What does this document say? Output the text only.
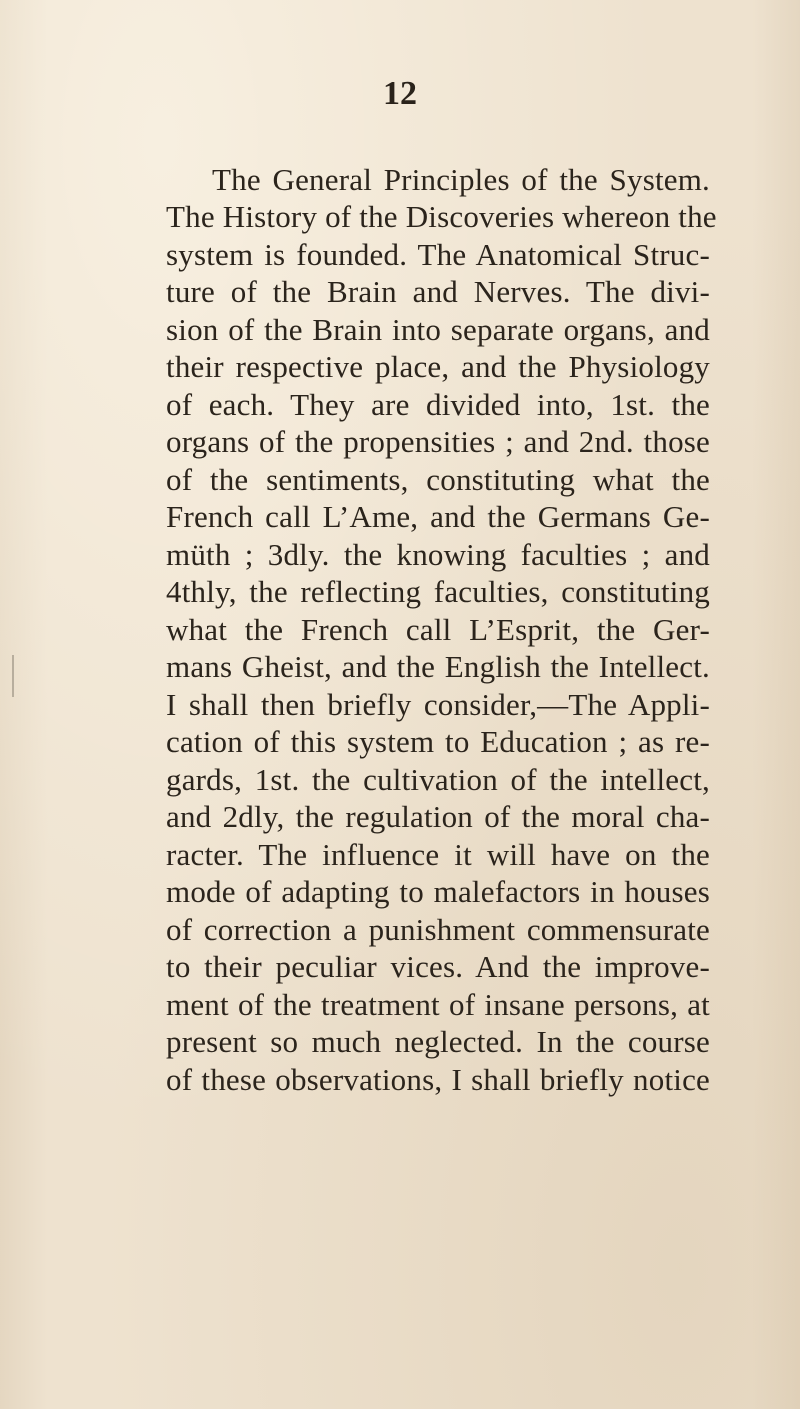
12
The General Principles of the System.
The History of the Discoveries whereon the
system is founded. The Anatomical Struc-
ture of the Brain and Nerves. The divi-
sion of the Brain into separate organs, and
their respective place, and the Physiology
of each. They are divided into, 1st. the
organs of the propensities ; and 2nd. those
of the sentiments, constituting what the
French call L’Ame, and the Germans Ge-
müth ; 3dly. the knowing faculties ; and
4thly, the reflecting faculties, constituting
what the French call L’Esprit, the Ger-
mans Gheist, and the English the Intellect.
I shall then briefly consider,—The Appli-
cation of this system to Education ; as re-
gards, 1st. the cultivation of the intellect,
and 2dly, the regulation of the moral cha-
racter. The influence it will have on the
mode of adapting to malefactors in houses
of correction a punishment commensurate
to their peculiar vices. And the improve-
ment of the treatment of insane persons, at
present so much neglected. In the course
of these observations, I shall briefly notice
